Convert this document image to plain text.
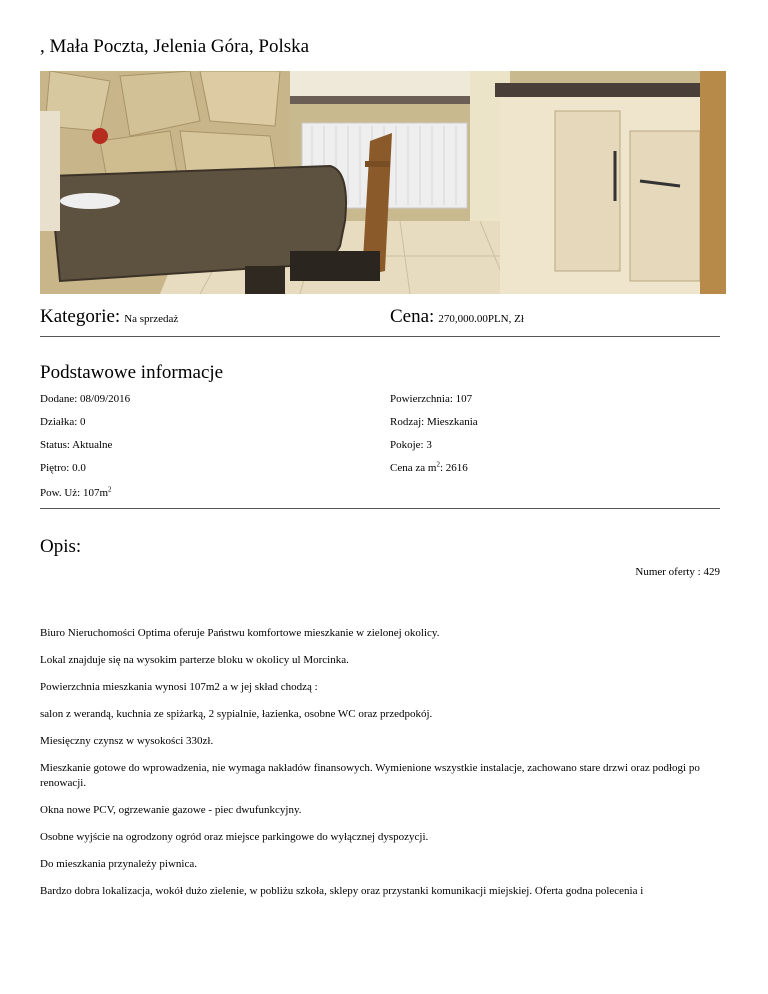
, Mała Poczta, Jelenia Góra, Polska
Kategorie: Na sprzedaż	Cena: 270,000.00PLN, Zł
Podstawowe informacje
Dodane: 08/09/2016	Powierzchnia: 107
Działka: 0	Rodzaj: Mieszkania
Status: Aktualne	Pokoje: 3
Piętro: 0.0	Cena za $m^2$: 2616
Pow. Uż: $107m^2$
Opis:
Numer oferty : 429
Biuro Nieruchomości Optima oferuje Państwu komfortowe mieszkanie w zielonej okolicy.
Lokal znajduje się na wysokim parterze bloku w okolicy ul Morcinka.
Powierzchnia mieszkania wynosi 107m2 a w jej skład chodzą :
salon z werandą, kuchnia ze spiżarką, 2 sypialnie, łazienka, osobne WC oraz przedpokój.
Miesięczny czynsz w wysokości 330zł.
Mieszkanie gotowe do wprowadzenia, nie wymaga nakładów finansowych. Wymienione wszystkie instalacje, zachowano stare drzwi oraz podłogi po renowacji.
Okna nowe PCV, ogrzewanie gazowe - piec dwufunkcyjny.
Osobne wyjście na ogrodzony ogród oraz miejsce parkingowe do wyłącznej dyspozycji.
Do mieszkania przynależy piwnica.
Bardzo dobra lokalizacja, wokół dużo zielenie, w pobliżu szkoła, sklepy oraz przystanki komunikacji miejskiej. Oferta godna polecenia i
